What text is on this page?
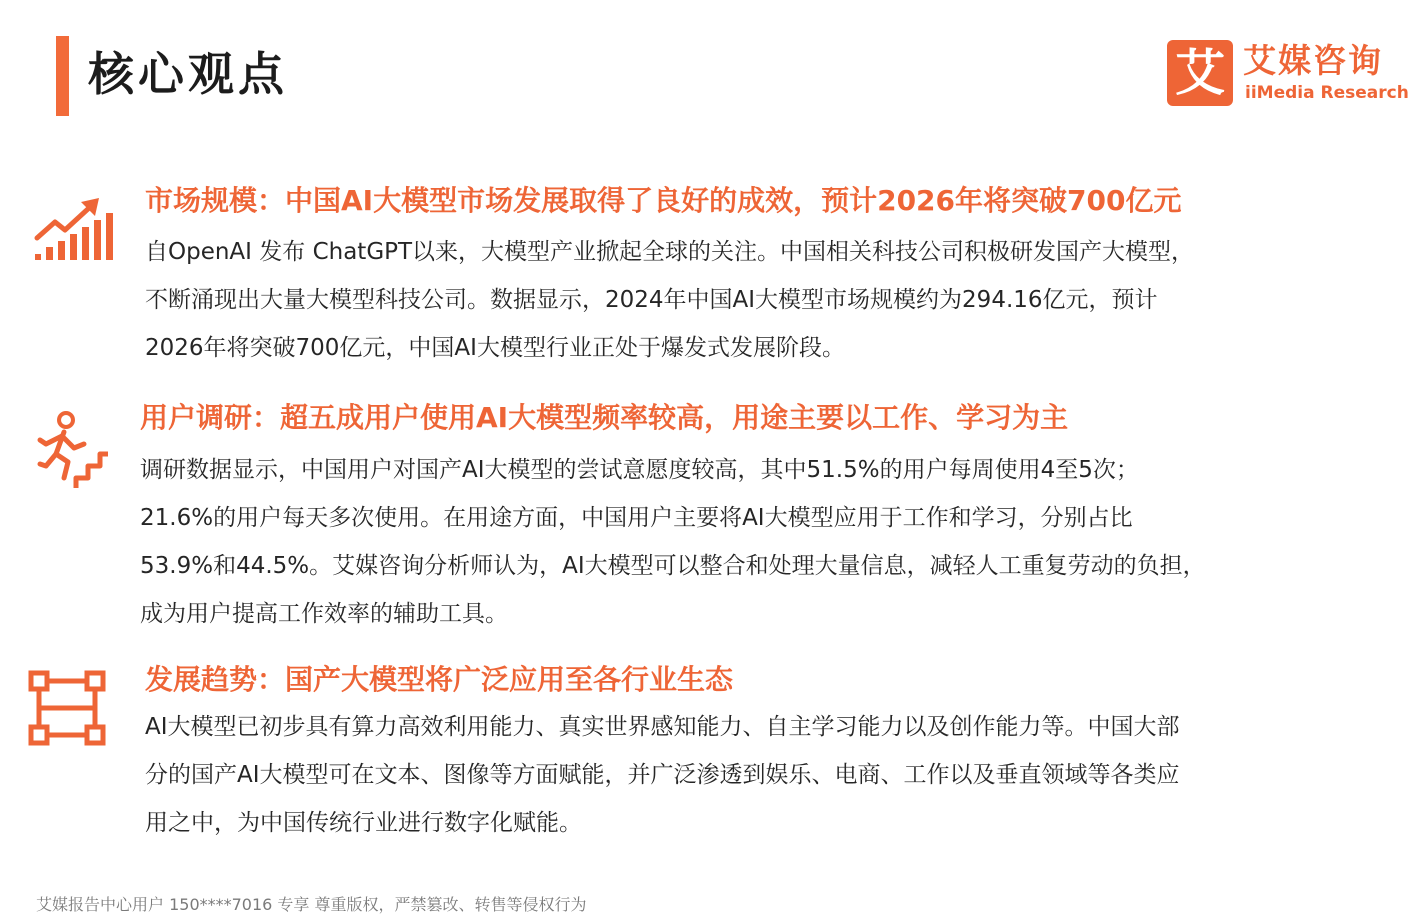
核心观点	艾 艾媒咨询
iiMedia Research
市场规模：中国AI大模型市场发展取得了良好的成效，预计2026年将突破700亿元
自OpenAI 发布 ChatGPT以来，大模型产业掀起全球的关注。中国相关科技公司积极研发国产大模型，
不断涌现出大量大模型科技公司。数据显示，2024年中国AI大模型市场规模约为294.16亿元，预计
2026年将突破700亿元，中国AI大模型行业正处于爆发式发展阶段。
用户调研：超五成用户使用AI大模型频率较高，用途主要以工作、学习为主
调研数据显示，中国用户对国产AI大模型的尝试意愿度较高，其中51.5%的用户每周使用4至5次；
21.6%的用户每天多次使用。在用途方面，中国用户主要将AI大模型应用于工作和学习，分别占比
53.9%和44.5%。艾媒咨询分析师认为，AI大模型可以整合和处理大量信息，减轻人工重复劳动的负担，
成为用户提高工作效率的辅助工具。
发展趋势：国产大模型将广泛应用至各行业生态
AI大模型已初步具有算力高效利用能力、真实世界感知能力、自主学习能力以及创作能力等。中国大部
分的国产AI大模型可在文本、图像等方面赋能，并广泛渗透到娱乐、电商、工作以及垂直领域等各类应
用之中，为中国传统行业进行数字化赋能。
艾媒报告中心用户 150****7016 专享 尊重版权，严禁篡改、转售等侵权行为
